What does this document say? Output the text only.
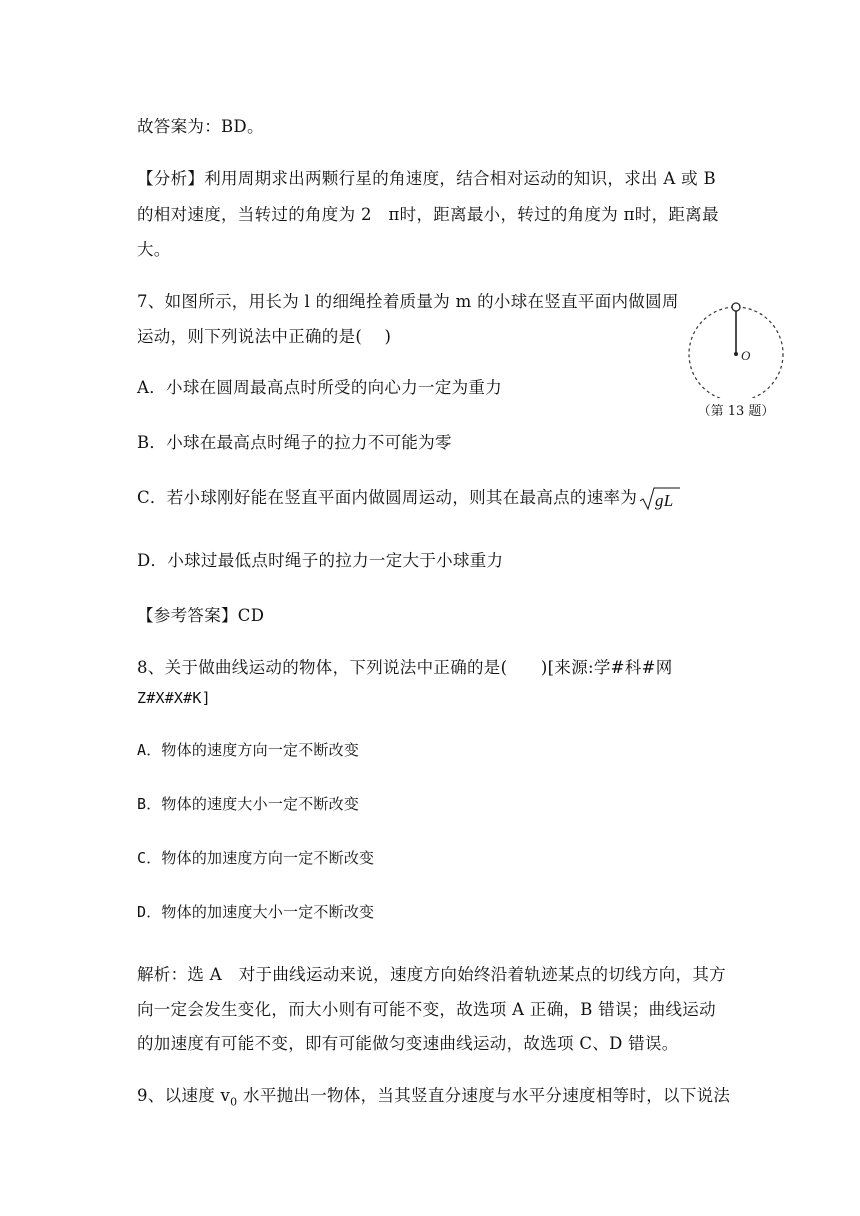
故答案为：BD。
【分析】利用周期求出两颗行星的角速度，结合相对运动的知识，求出 A 或 B
的相对速度，当转过的角度为 2 π时，距离最小，转过的角度为 π时，距离最
大。
7、如图所示，用长为 l 的细绳拴着质量为 m 的小球在竖直平面内做圆周
运动，则下列说法中正确的是(  )
O
（第 13 题）
A．小球在圆周最高点时所受的向心力一定为重力
B．小球在最高点时绳子的拉力不可能为零
C．若小球刚好能在竖直平面内做圆周运动，则其在最高点的速率为 gL
D．小球过最低点时绳子的拉力一定大于小球重力
【参考答案】CD
8、关于做曲线运动的物体，下列说法中正确的是(  )[来源:学#科#网
Z#X#X#K]
A．物体的速度方向一定不断改变
B．物体的速度大小一定不断改变
C．物体的加速度方向一定不断改变
D．物体的加速度大小一定不断改变
解析：选 A 对于曲线运动来说，速度方向始终沿着轨迹某点的切线方向，其方
向一定会发生变化，而大小则有可能不变，故选项 A 正确，B 错误；曲线运动
的加速度有可能不变，即有可能做匀变速曲线运动，故选项 C、D 错误。
9、以速度 $v_0$ 水平抛出一物体，当其竖直分速度与水平分速度相等时，以下说法
